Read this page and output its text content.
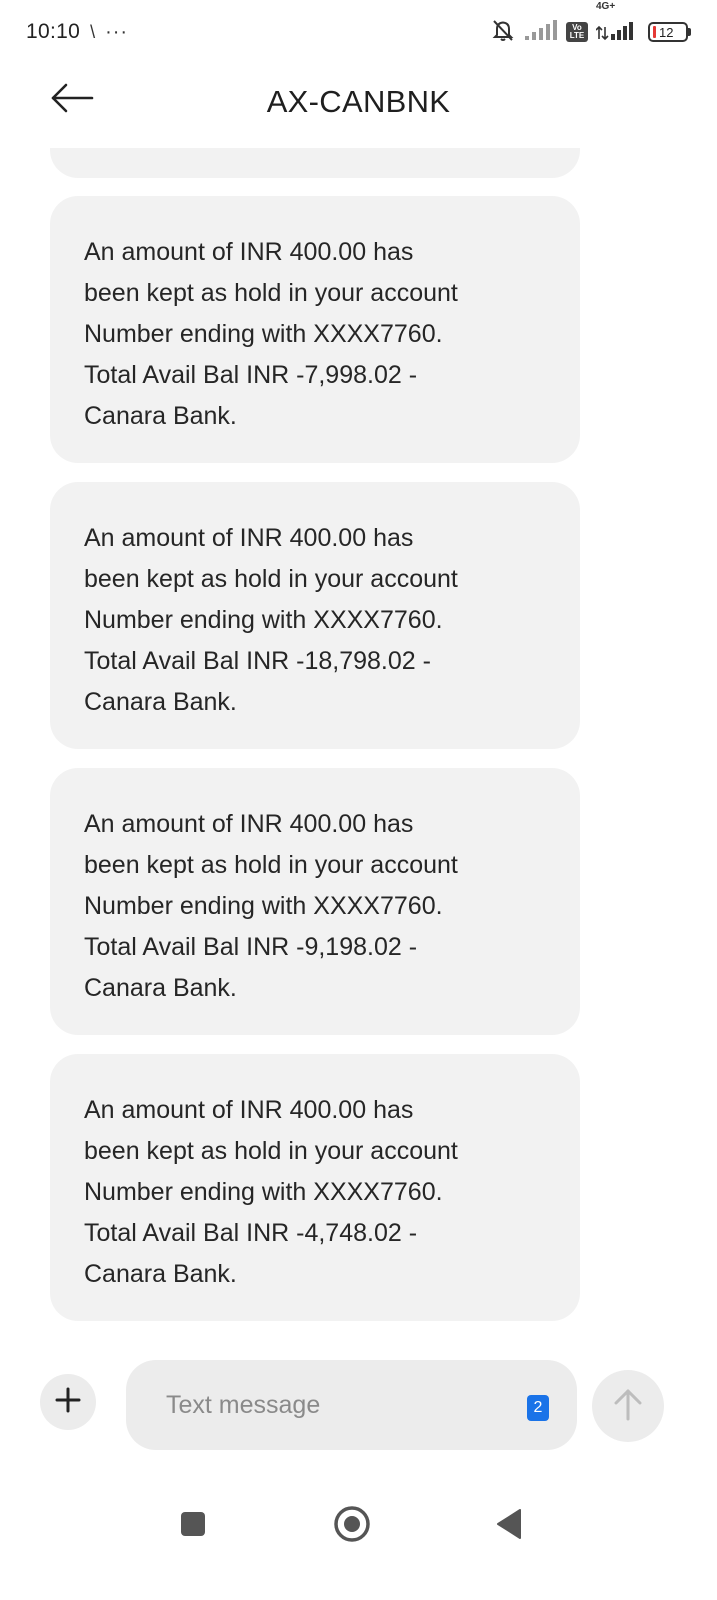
10:10 \ ···	Vo
LTE
4G+
12
AX-CANBNK
An amount of INR 400.00 has
been kept as hold in your account
Number ending with XXXX7760.
Total Avail Bal INR -7,998.02 -
Canara Bank.
An amount of INR 400.00 has
been kept as hold in your account
Number ending with XXXX7760.
Total Avail Bal INR -18,798.02 -
Canara Bank.
An amount of INR 400.00 has
been kept as hold in your account
Number ending with XXXX7760.
Total Avail Bal INR -9,198.02 -
Canara Bank.
An amount of INR 400.00 has
been kept as hold in your account
Number ending with XXXX7760.
Total Avail Bal INR -4,748.02 -
Canara Bank.
Text message	2
